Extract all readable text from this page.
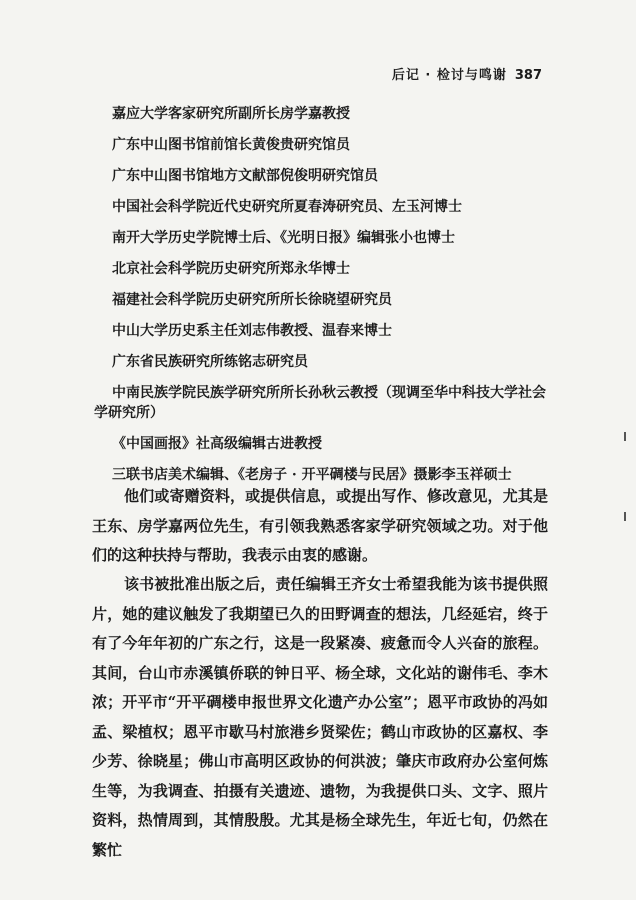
后记 · 检讨与鸣谢 387
嘉应大学客家研究所副所长房学嘉教授
广东中山图书馆前馆长黄俊贵研究馆员
广东中山图书馆地方文献部倪俊明研究馆员
中国社会科学院近代史研究所夏春涛研究员、左玉河博士
南开大学历史学院博士后、《光明日报》编辑张小也博士
北京社会科学院历史研究所郑永华博士
福建社会科学院历史研究所所长徐晓望研究员
中山大学历史系主任刘志伟教授、温春来博士
广东省民族研究所练铭志研究员
中南民族学院民族学研究所所长孙秋云教授（现调至华中科技大学社会学研究所）
《中国画报》社高级编辑古进教授
三联书店美术编辑、《老房子 · 开平碉楼与民居》摄影李玉祥硕士

他们或寄赠资料，或提供信息，或提出写作、修改意见，尤其是王东、房学嘉两位先生，有引领我熟悉客家学研究领域之功。对于他们的这种扶持与帮助，我表示由衷的感谢。

该书被批准出版之后，责任编辑王齐女士希望我能为该书提供照片，她的建议触发了我期望已久的田野调查的想法，几经延宕，终于有了今年年初的广东之行，这是一段紧凑、疲惫而令人兴奋的旅程。其间，台山市赤溪镇侨联的钟日平、杨全球，文化站的谢伟毛、李木浓；开平市“开平碉楼申报世界文化遗产办公室”；恩平市政协的冯如孟、梁植权；恩平市歇马村旅港乡贤梁佐；鹤山市政协的区嘉权、李少芳、徐晓星；佛山市高明区政协的何洪波；肇庆市政府办公室何炼生等，为我调查、拍摄有关遗迹、遗物，为我提供口头、文字、照片资料，热情周到，其情殷殷。尤其是杨全球先生，年近七旬，仍然在繁忙
